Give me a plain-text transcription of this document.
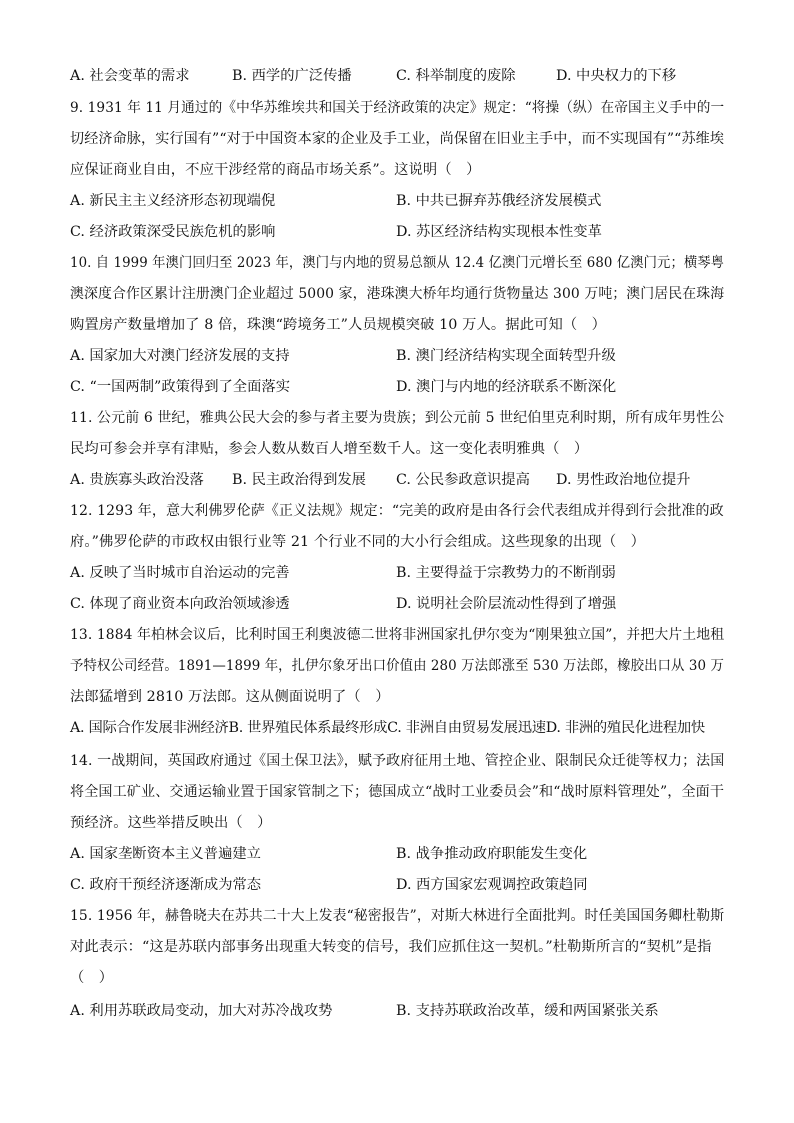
A. 社会变革的需求	B. 西学的广泛传播	C. 科举制度的废除	D. 中央权力的下移
9. 1931 年 11 月通过的《中华苏维埃共和国关于经济政策的决定》规定：“将操（纵）在帝国主义手中的一
切经济命脉，实行国有”“对于中国资本家的企业及手工业，尚保留在旧业主手中，而不实现国有”“苏维埃
应保证商业自由，不应干涉经常的商品市场关系”。这说明（　）
A. 新民主主义经济形态初现端倪	B. 中共已摒弃苏俄经济发展模式
C. 经济政策深受民族危机的影响	D. 苏区经济结构实现根本性变革
10. 自 1999 年澳门回归至 2023 年，澳门与内地的贸易总额从 12.4 亿澳门元增长至 680 亿澳门元；横琴粤
澳深度合作区累计注册澳门企业超过 5000 家，港珠澳大桥年均通行货物量达 300 万吨；澳门居民在珠海
购置房产数量增加了 8 倍，珠澳“跨境务工”人员规模突破 10 万人。据此可知（　）
A. 国家加大对澳门经济发展的支持	B. 澳门经济结构实现全面转型升级
C. “一国两制”政策得到了全面落实	D. 澳门与内地的经济联系不断深化
11. 公元前 6 世纪，雅典公民大会的参与者主要为贵族；到公元前 5 世纪伯里克利时期，所有成年男性公
民均可参会并享有津贴，参会人数从数百人增至数千人。这一变化表明雅典（　）
A. 贵族寡头政治没落 B. 民主政治得到发展 C. 公民参政意识提高 D. 男性政治地位提升
12. 1293 年，意大利佛罗伦萨《正义法规》规定：“完美的政府是由各行会代表组成并得到行会批准的政
府。”佛罗伦萨的市政权由银行业等 21 个行业不同的大小行会组成。这些现象的出现（　）
A. 反映了当时城市自治运动的完善	B. 主要得益于宗教势力的不断削弱
C. 体现了商业资本向政治领域渗透	D. 说明社会阶层流动性得到了增强
13. 1884 年柏林会议后，比利时国王利奥波德二世将非洲国家扎伊尔变为“刚果独立国”，并把大片土地租
予特权公司经营。1891—1899 年，扎伊尔象牙出口价值由 280 万法郎涨至 530 万法郎，橡胶出口从 30 万
法郎猛增到 2810 万法郎。这从侧面说明了（　）
A. 国际合作发展非洲经济B. 世界殖民体系最终形成C. 非洲自由贸易发展迅速D. 非洲的殖民化进程加快
14. 一战期间，英国政府通过《国土保卫法》，赋予政府征用土地、管控企业、限制民众迁徙等权力；法国
将全国工矿业、交通运输业置于国家管制之下；德国成立“战时工业委员会”和“战时原料管理处”，全面干
预经济。这些举措反映出（　）
A. 国家垄断资本主义普遍建立	B. 战争推动政府职能发生变化
C. 政府干预经济逐渐成为常态	D. 西方国家宏观调控政策趋同
15. 1956 年，赫鲁晓夫在苏共二十大上发表“秘密报告”，对斯大林进行全面批判。时任美国国务卿杜勒斯
对此表示：“这是苏联内部事务出现重大转变的信号，我们应抓住这一契机。”杜勒斯所言的“契机”是指
（　）
A. 利用苏联政局变动，加大对苏冷战攻势	B. 支持苏联政治改革，缓和两国紧张关系
